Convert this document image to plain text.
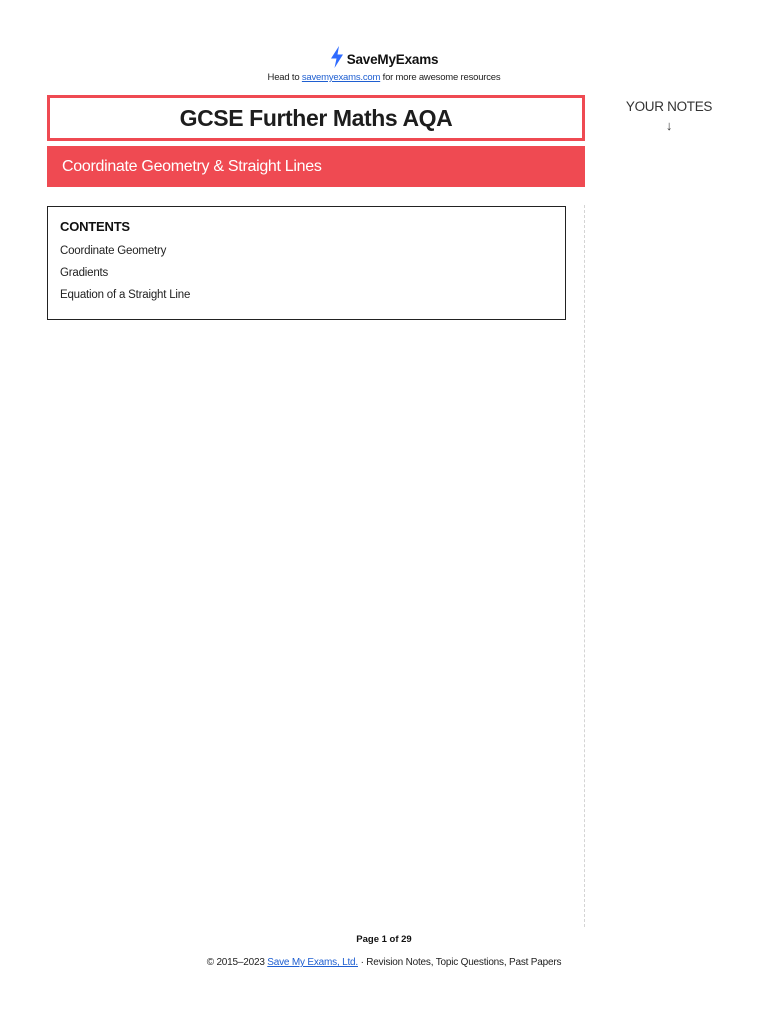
SaveMyExams
Head to savemyexams.com for more awesome resources
GCSE Further Maths AQA	YOUR NOTES
↓
Coordinate Geometry & Straight Lines
CONTENTS
Coordinate Geometry
Gradients
Equation of a Straight Line
Page 1 of 29
© 2015–2023 Save My Exams, Ltd. · Revision Notes, Topic Questions, Past Papers
